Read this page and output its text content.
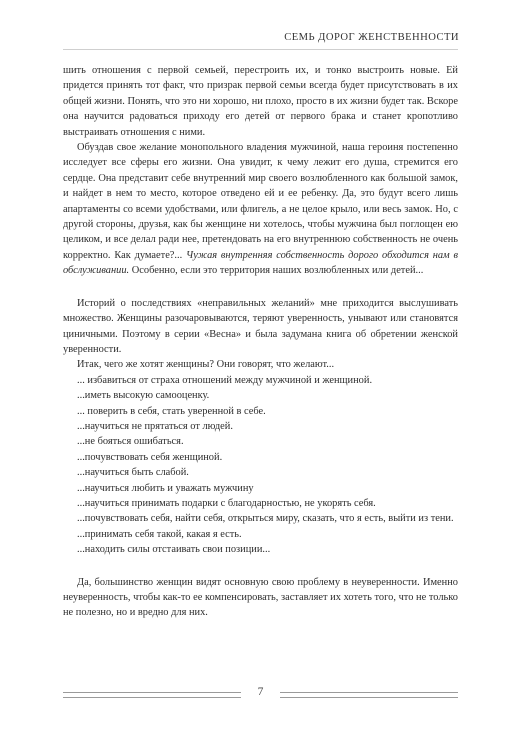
СЕМЬ ДОРОГ ЖЕНСТВЕННОСТИ

шить отношения с первой семьей, перестроить их, и тонко выстроить новые. Ей придется принять тот факт, что призрак первой семьи всегда будет присутствовать в их общей жизни. Понять, что это ни хорошо, ни плохо, просто в их жизни будет так. Вскоре она научится радоваться приходу его детей от первого брака и станет кропотливо выстраивать отношения с ними.

Обуздав свое желание монопольного владения мужчиной, наша героиня постепенно исследует все сферы его жизни. Она увидит, к чему лежит его душа, стремится его сердце. Она представит себе внутренний мир своего возлюбленного как большой замок, и найдет в нем то место, которое отведено ей и ее ребенку. Да, это будут всего лишь апартаменты со всеми удобствами, или флигель, а не целое крыло, или весь замок. Но, с другой стороны, друзья, как бы женщине ни хотелось, чтобы мужчина был поглощен ею целиком, и все делал ради нее, претендовать на его внутреннюю собственность не очень корректно. Как думаете?... Чужая внутренняя собственность дорого обходится нам в обслуживании. Особенно, если это территория наших возлюбленных или детей...

Историй о последствиях «неправильных желаний» мне приходится выслушивать множество. Женщины разочаровываются, теряют уверенность, унывают или становятся циничными. Поэтому в серии «Весна» и была задумана книга об обретении женской уверенности.

Итак, чего же хотят женщины? Они говорят, что желают...

... избавиться от страха отношений между мужчиной и женщиной.

...иметь высокую самооценку.

... поверить в себя, стать уверенной в себе.

...научиться не прятаться от людей.

...не бояться ошибаться.

...почувствовать себя женщиной.

...научиться быть слабой.

...научиться любить и уважать мужчину

...научиться принимать подарки с благодарностью, не укорять себя.

...почувствовать себя, найти себя, открыться миру, сказать, что я есть, выйти из тени.

...принимать себя такой, какая я есть.

...находить силы отстаивать свои позиции...

Да, большинство женщин видят основную свою проблему в неуверенности. Именно неуверенность, чтобы как-то ее компенсировать, заставляет их хотеть того, что не только не полезно, но и вредно для них.

7
